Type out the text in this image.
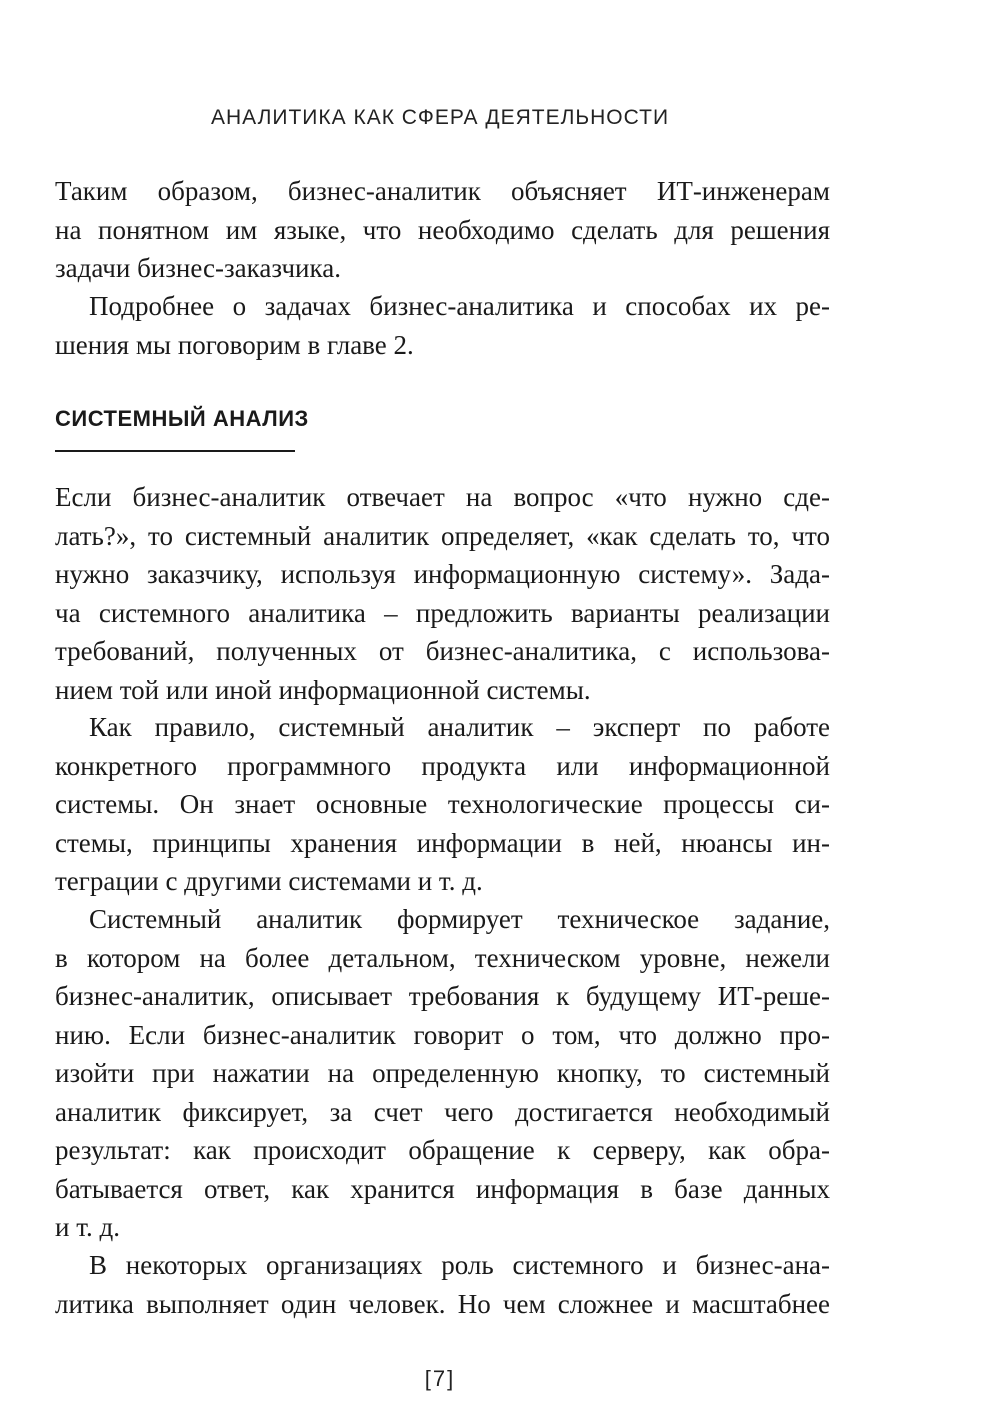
АНАЛИТИКА КАК СФЕРА ДЕЯТЕЛЬНОСТИ

Таким образом, бизнес-аналитик объясняет ИТ-инженерам
на понятном им языке, что необходимо сделать для решения
задачи бизнес-заказчика.

Подробнее о задачах бизнес-аналитика и способах их ре-
шения мы поговорим в главе 2.

СИСТЕМНЫЙ АНАЛИЗ

Если бизнес-аналитик отвечает на вопрос «что нужно сде-
лать?», то системный аналитик определяет, «как сделать то, что
нужно заказчику, используя информационную систему». Зада-
ча системного аналитика – предложить варианты реализации
требований, полученных от бизнес-аналитика, с использова-
нием той или иной информационной системы.

Как правило, системный аналитик – эксперт по работе
конкретного программного продукта или информационной
системы. Он знает основные технологические процессы си-
стемы, принципы хранения информации в ней, нюансы ин-
теграции с другими системами и т. д.

Системный аналитик формирует техническое задание,
в котором на более детальном, техническом уровне, нежели
бизнес-аналитик, описывает требования к будущему ИТ-реше-
нию. Если бизнес-аналитик говорит о том, что должно про-
изойти при нажатии на определенную кнопку, то системный
аналитик фиксирует, за счет чего достигается необходимый
результат: как происходит обращение к серверу, как обра-
батывается ответ, как хранится информация в базе данных
и т. д.

В некоторых организациях роль системного и бизнес-ана-
литика выполняет один человек. Но чем сложнее и масштабнее

[7]
